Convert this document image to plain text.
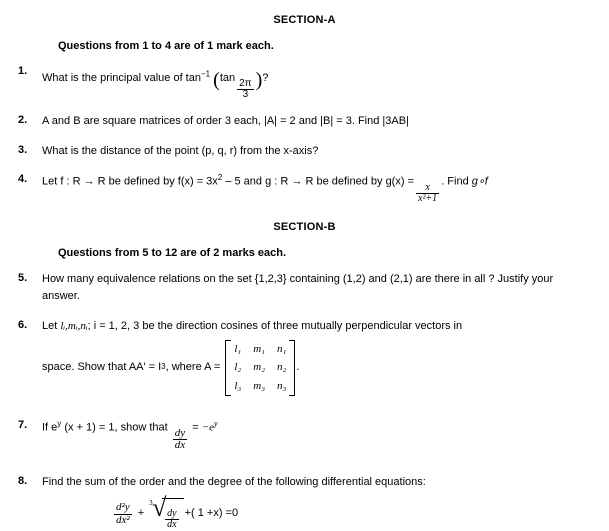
SECTION-A
Questions from 1 to 4 are of 1 mark each.
1.
What is the principal value of $\tan^{-1} (\tan$
$\frac{2\pi}{3}$ )?
2.	A and B are square matrices of order 3 each, |A| = 2 and |B| = 3. Find |3AB|
3.	What is the distance of the point (p, q, r) from the x-axis?
4.	Let f : R → R be defined by $f(x) = 3x^2 - 5$ and g : R → R be defined by g(x) =
$\frac{x}{\text{x²+1}}$
. Find g∘f
SECTION-B
Questions from 5 to 12 are of 2 marks each.
5.	How many equivalence relations on the set {1,2,3} containing (1,2) and (2,1) are there in all ? Justify your answer.
6.	Let lᵢ,mᵢ,nᵢ; i = 1, 2, 3 be the direction cosines of three mutually perpendicular vectors in
space. Show that AA′ = I 3 , where A =
l₁ m₁ n₁
l₂ m₂ n₂
l₃ m₃ n₃
.
7.	If $e^y$ (x + 1) = 1, show that $\frac{dy}{dx} = -e^y$
8.	Find the sum of the order and the degree of the following differential equations:
$\frac{\text{d²y}}{\text{dx²}}$ +
3 √
$\frac{dy}{dx}$ +( 1 +x) =0
